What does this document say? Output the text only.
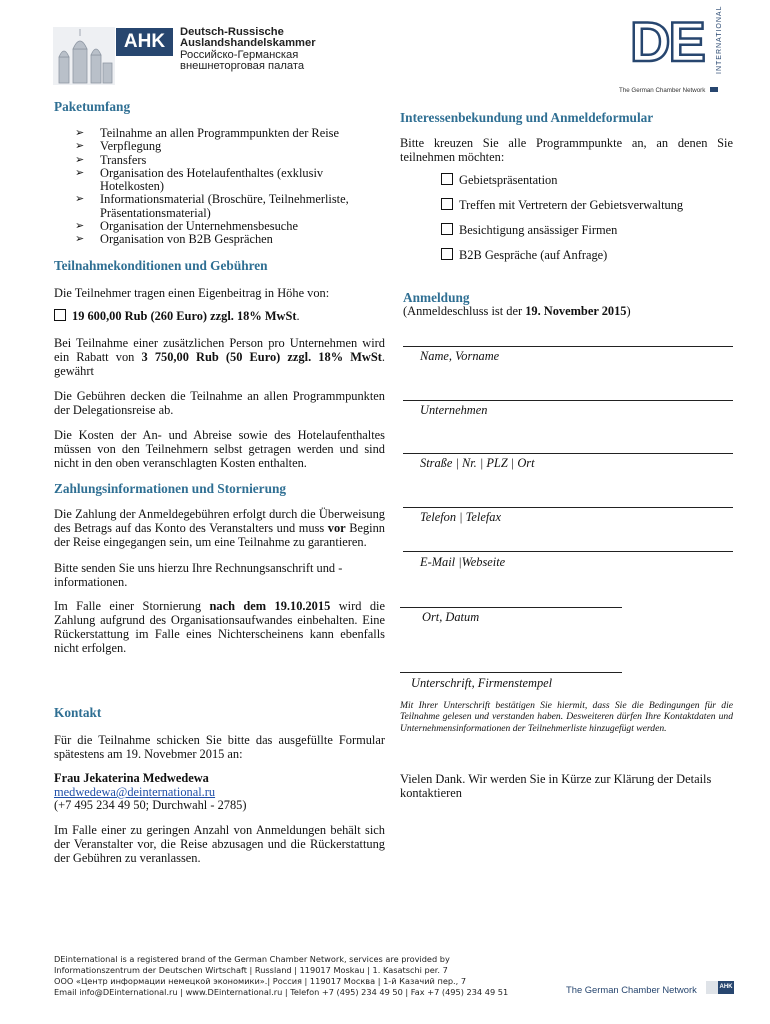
AHK	Deutsch-Russische
Auslandshandelskammer
Российско-Германская
внешнеторговая палата	DE INTERNATIONAL
The German Chamber Network
Paketumfang
➢ Teilnahme an allen Programmpunkten der Reise
➢ Verpflegung
➢ Transfers
➢ Organisation des Hotelaufenthaltes (exklusiv
Hotelkosten)
➢ Informationsmaterial (Broschüre, Teilnehmerliste,
Präsentationsmaterial)
➢ Organisation der Unternehmensbesuche
➢ Organisation von B2B Gesprächen
Teilnahmekonditionen und Gebühren
Die Teilnehmer tragen einen Eigenbeitrag in Höhe von:
19 600,00 Rub (260 Euro) zzgl. 18% MwSt.
Bei Teilnahme einer zusätzlichen Person pro Unternehmen wird ein Rabatt von 3 750,00 Rub (50 Euro) zzgl. 18% MwSt. gewährt
Die Gebühren decken die Teilnahme an allen Programmpunkten der Delegationsreise ab.
Die Kosten der An- und Abreise sowie des Hotelaufenthaltes müssen von den Teilnehmern selbst getragen werden und sind nicht in den oben veranschlagten Kosten enthalten.
Zahlungsinformationen und Stornierung
Die Zahlung der Anmeldegebühren erfolgt durch die Überweisung des Betrags auf das Konto des Veranstalters und muss vor Beginn der Reise eingegangen sein, um eine Teilnahme zu garantieren.
Bitte senden Sie uns hierzu Ihre Rechnungsanschrift und -informationen.
Im Falle einer Stornierung nach dem 19.10.2015 wird die Zahlung aufgrund des Organisationsaufwandes einbehalten. Eine Rückerstattung im Falle eines Nichterscheinens kann ebenfalls nicht erfolgen.
Kontakt
Für die Teilnahme schicken Sie bitte das ausgefüllte Formular spätestens am 19. Novebmer 2015 an:
Frau Jekaterina Medwedewa
medwedewa@deinternational.ru
(+7 495 234 49 50; Durchwahl - 2785)
Im Falle einer zu geringen Anzahl von Anmeldungen behält sich der Veranstalter vor, die Reise abzusagen und die Rückerstattung der Gebühren zu veranlassen.
Interessenbekundung und Anmeldeformular
Bitte kreuzen Sie alle Programmpunkte an, an denen Sie teilnehmen möchten:
Gebietspräsentation
Treffen mit Vertretern der Gebietsverwaltung
Besichtigung ansässiger Firmen
B2B Gespräche (auf Anfrage)
Anmeldung
(Anmeldeschluss ist der 19. November 2015)
Name, Vorname
Unternehmen
Straße | Nr. | PLZ | Ort
Telefon | Telefax
E-Mail |Webseite
Ort, Datum
Unterschrift, Firmenstempel
Mit Ihrer Unterschrift bestätigen Sie hiermit, dass Sie die Bedingungen für die Teilnahme gelesen und verstanden haben. Desweiteren dürfen Ihre Kontaktdaten und Unternehmensinformationen der Teilnehmerliste hinzugefügt werden.
Vielen Dank. Wir werden Sie in Kürze zur Klärung der Details kontaktieren
DEinternational is a registered brand of the German Chamber Network, services are provided by
Informationszentrum der Deutschen Wirtschaft | Russland | 119017 Moskau | 1. Kasatschi per. 7
ООО «Центр информации немецкой экономики».| Россия | 119017 Москва | 1-й Казачий пер., 7
Email info@DEinternational.ru | www.DEinternational.ru | Telefon +7 (495) 234 49 50 | Fax +7 (495) 234 49 51	The German Chamber Network	AHK
